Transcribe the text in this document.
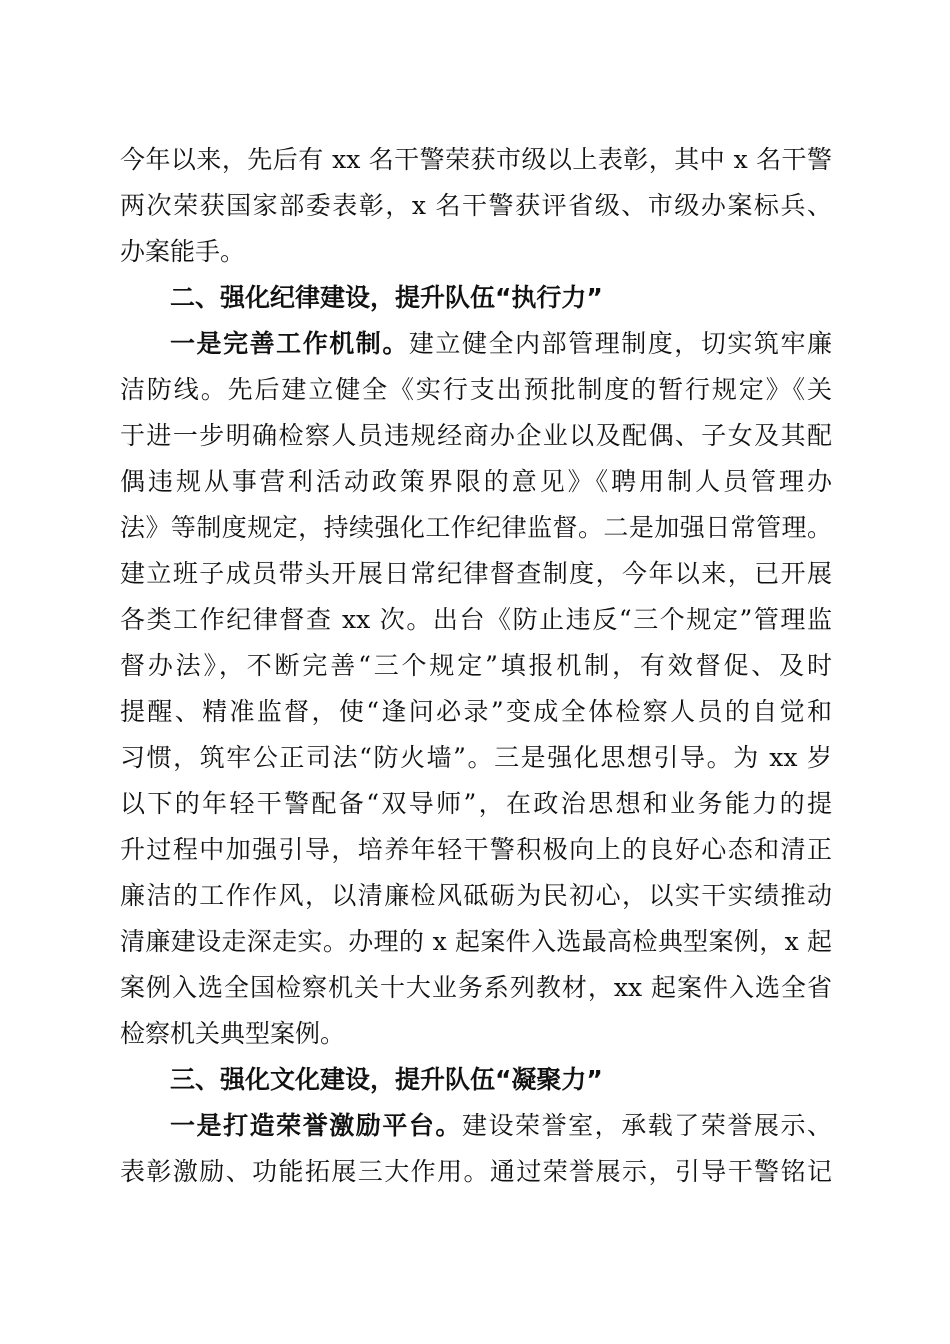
今年以来，先后有 xx 名干警荣获市级以上表彰，其中 x 名干警
两次荣获国家部委表彰，x 名干警获评省级、市级办案标兵、
办案能手。
二、强化纪律建设，提升队伍“执行力”
一是完善工作机制。建立健全内部管理制度，切实筑牢廉
洁防线。先后建立健全《实行支出预批制度的暂行规定》《关
于进一步明确检察人员违规经商办企业以及配偶、子女及其配
偶违规从事营利活动政策界限的意见》《聘用制人员管理办
法》等制度规定，持续强化工作纪律监督。二是加强日常管理。
建立班子成员带头开展日常纪律督查制度，今年以来，已开展
各类工作纪律督查 xx 次。出台《防止违反“三个规定”管理监
督办法》，不断完善“三个规定”填报机制，有效督促、及时
提醒、精准监督，使“逢问必录”变成全体检察人员的自觉和
习惯，筑牢公正司法“防火墙”。三是强化思想引导。为 xx 岁
以下的年轻干警配备“双导师”，在政治思想和业务能力的提
升过程中加强引导，培养年轻干警积极向上的良好心态和清正
廉洁的工作作风，以清廉检风砥砺为民初心，以实干实绩推动
清廉建设走深走实。办理的 x 起案件入选最高检典型案例，x 起
案例入选全国检察机关十大业务系列教材，xx 起案件入选全省
检察机关典型案例。
三、强化文化建设，提升队伍“凝聚力”
一是打造荣誉激励平台。建设荣誉室，承载了荣誉展示、
表彰激励、功能拓展三大作用。通过荣誉展示，引导干警铭记
